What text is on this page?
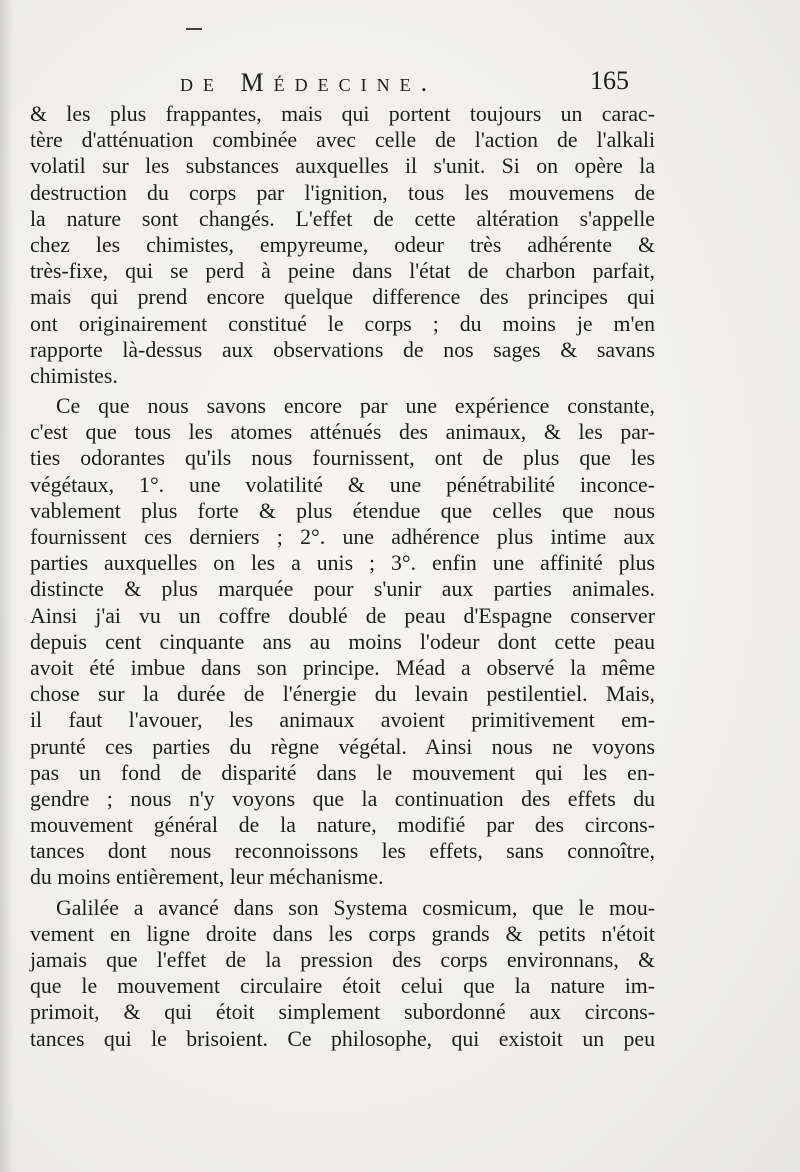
de Médecine.	165
& les plus frappantes, mais qui portent toujours un carac-
tère d'atténuation combinée avec celle de l'action de l'alkali
volatil sur les substances auxquelles il s'unit. Si on opère la
destruction du corps par l'ignition, tous les mouvemens de
la nature sont changés. L'effet de cette altération s'appelle
chez les chimistes, empyreume, odeur très adhérente &
très-fixe, qui se perd à peine dans l'état de charbon parfait,
mais qui prend encore quelque difference des principes qui
ont originairement constitué le corps ; du moins je m'en
rapporte là-dessus aux observations de nos sages & savans
chimistes.
Ce que nous savons encore par une expérience constante,
c'est que tous les atomes atténués des animaux, & les par-
ties odorantes qu'ils nous fournissent, ont de plus que les
végétaux, 1°. une volatilité & une pénétrabilité inconce-
vablement plus forte & plus étendue que celles que nous
fournissent ces derniers ; 2°. une adhérence plus intime aux
parties auxquelles on les a unis ; 3°. enfin une affinité plus
distincte & plus marquée pour s'unir aux parties animales.
Ainsi j'ai vu un coffre doublé de peau d'Espagne conserver
depuis cent cinquante ans au moins l'odeur dont cette peau
avoit été imbue dans son principe. Méad a observé la même
chose sur la durée de l'énergie du levain pestilentiel. Mais,
il faut l'avouer, les animaux avoient primitivement em-
prunté ces parties du règne végétal. Ainsi nous ne voyons
pas un fond de disparité dans le mouvement qui les en-
gendre ; nous n'y voyons que la continuation des effets du
mouvement général de la nature, modifié par des circons-
tances dont nous reconnoissons les effets, sans connoître,
du moins entièrement, leur méchanisme.
Galilée a avancé dans son Systema cosmicum, que le mou-
vement en ligne droite dans les corps grands & petits n'étoit
jamais que l'effet de la pression des corps environnans, &
que le mouvement circulaire étoit celui que la nature im-
primoit, & qui étoit simplement subordonné aux circons-
tances qui le brisoient. Ce philosophe, qui existoit un peu
